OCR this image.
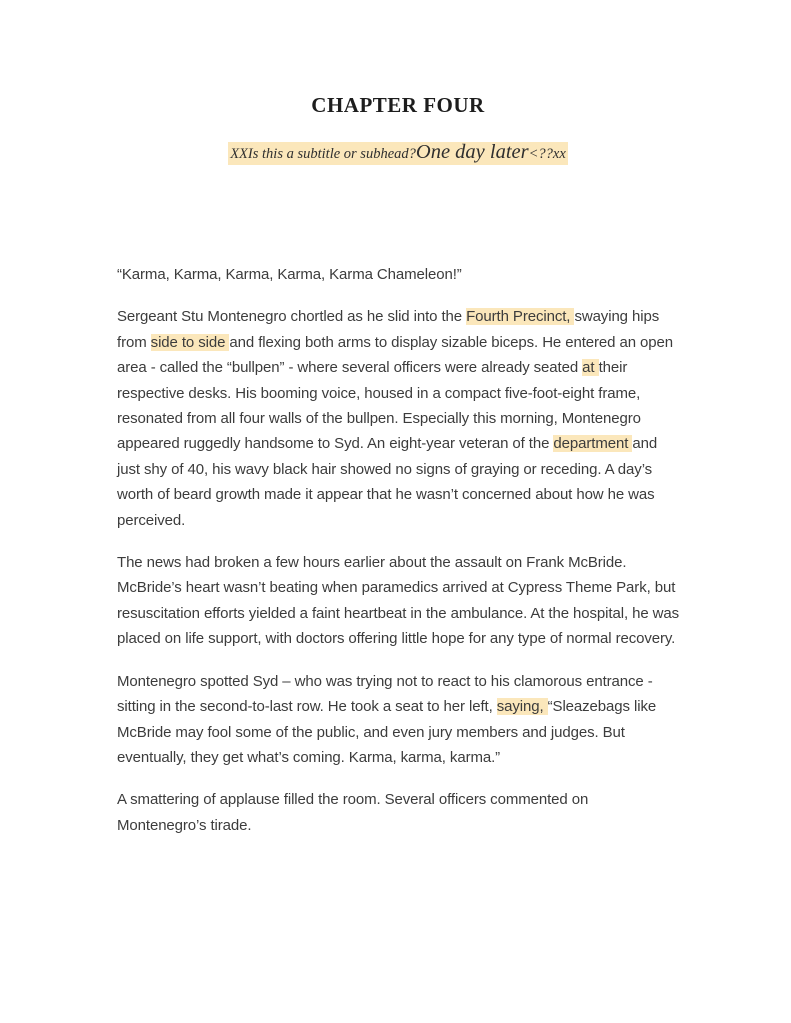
CHAPTER FOUR
XXIs this a subtitle or subhead?One day later<??xx

“Karma, Karma, Karma, Karma, Karma Chameleon!”

Sergeant Stu Montenegro chortled as he slid into the Fourth Precinct, swaying hips from side to side and flexing both arms to display sizable biceps. He entered an open area - called the “bullpen” - where several officers were already seated at their respective desks. His booming voice, housed in a compact five-foot-eight frame, resonated from all four walls of the bullpen. Especially this morning, Montenegro appeared ruggedly handsome to Syd. An eight-year veteran of the department and just shy of 40, his wavy black hair showed no signs of graying or receding. A day’s worth of beard growth made it appear that he wasn’t concerned about how he was perceived.

The news had broken a few hours earlier about the assault on Frank McBride. McBride’s heart wasn’t beating when paramedics arrived at Cypress Theme Park, but resuscitation efforts yielded a faint heartbeat in the ambulance. At the hospital, he was placed on life support, with doctors offering little hope for any type of normal recovery.

Montenegro spotted Syd – who was trying not to react to his clamorous entrance - sitting in the second-to-last row. He took a seat to her left, saying, “Sleazebags like McBride may fool some of the public, and even jury members and judges. But eventually, they get what’s coming. Karma, karma, karma.”

A smattering of applause filled the room. Several officers commented on Montenegro’s tirade.
